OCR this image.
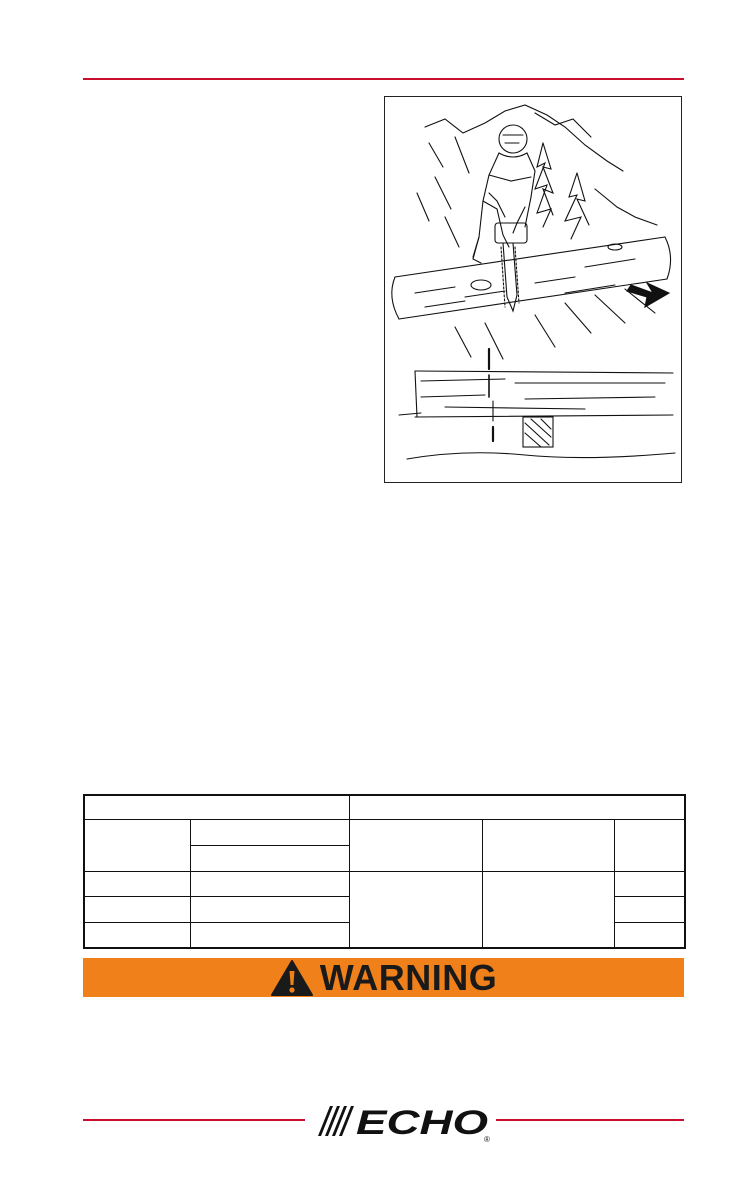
WARNING
ECHO
®
